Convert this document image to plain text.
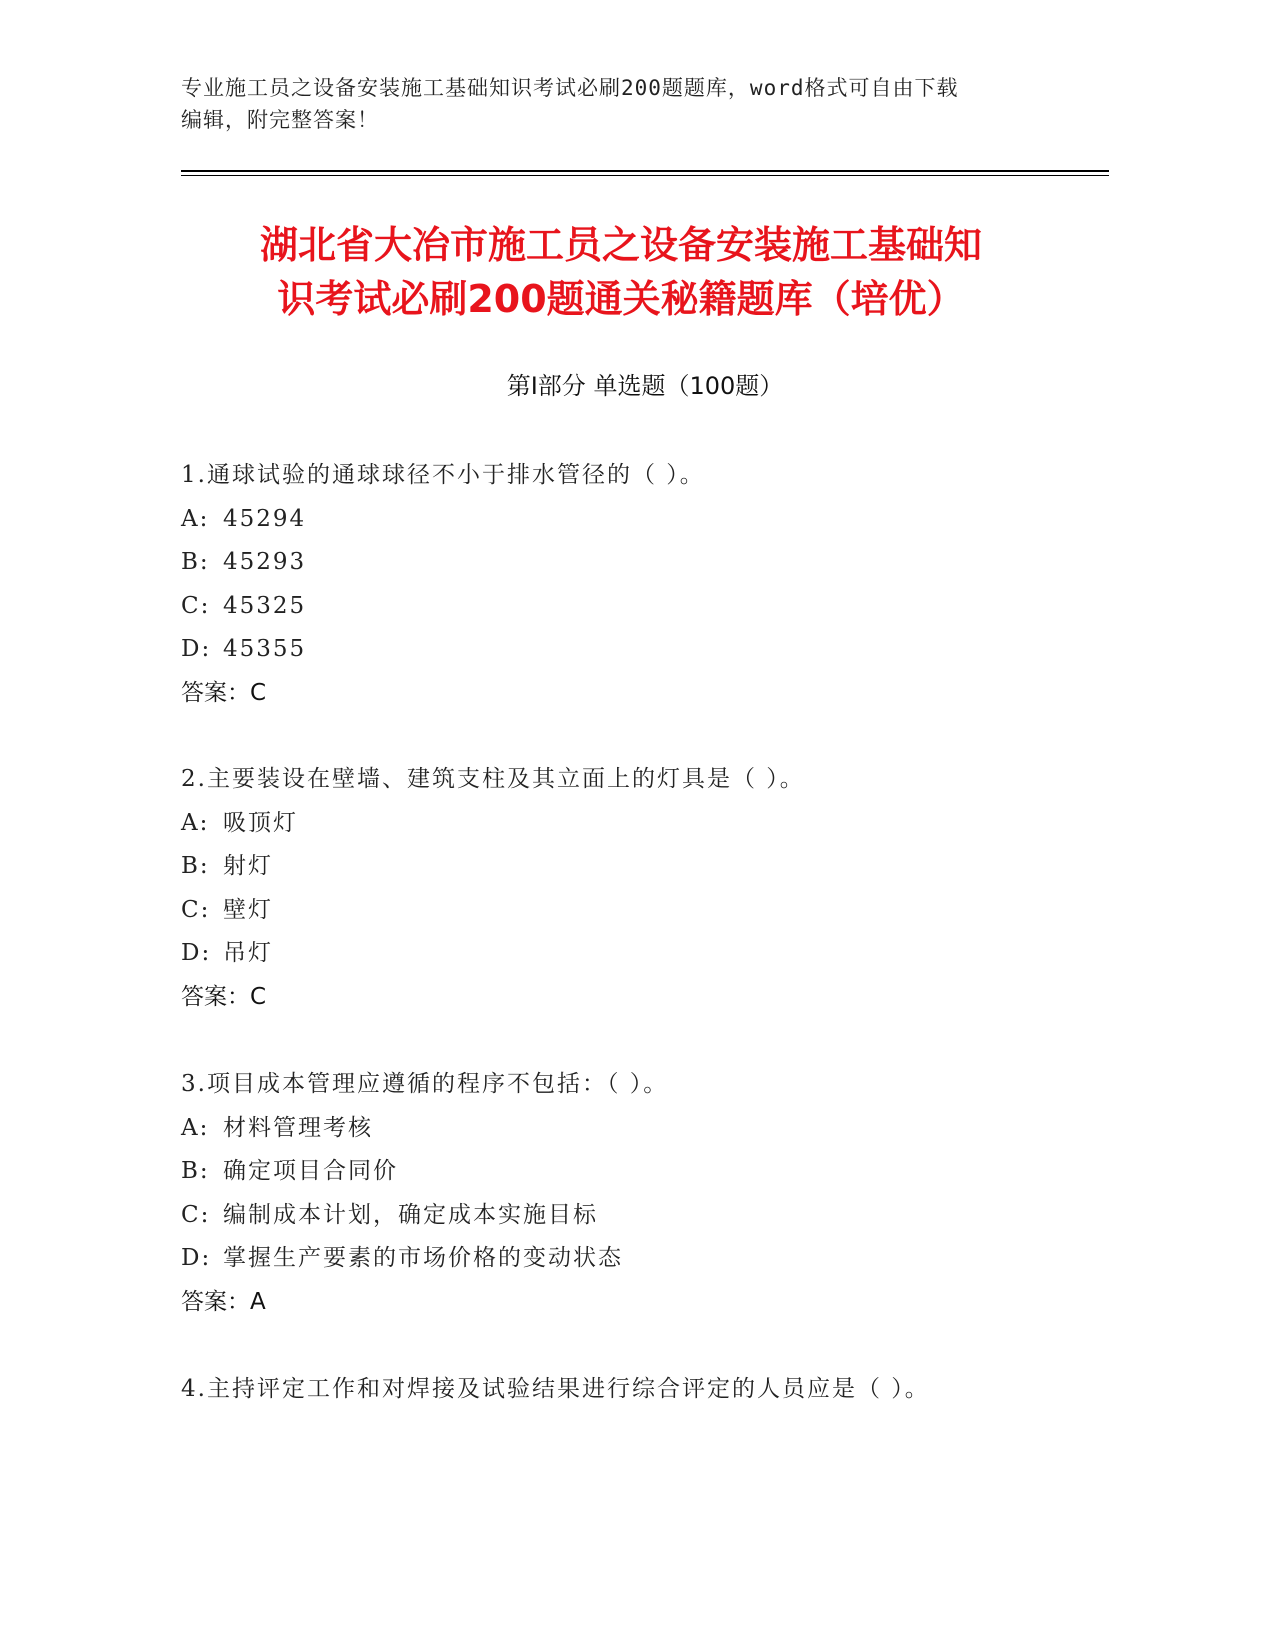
专业施工员之设备安装施工基础知识考试必刷200题题库，word格式可自由下载
编辑，附完整答案！
湖北省大冶市施工员之设备安装施工基础知
识考试必刷200题通关秘籍题库（培优）
第Ⅰ部分 单选题（100题）
1.通球试验的通球球径不小于排水管径的（ ）。
A: 45294
B: 45293
C: 45325
D: 45355
答案：C
2.主要装设在壁墙、建筑支柱及其立面上的灯具是（ ）。
A: 吸顶灯
B: 射灯
C: 壁灯
D: 吊灯
答案：C
3.项目成本管理应遵循的程序不包括：（ ）。
A: 材料管理考核
B: 确定项目合同价
C: 编制成本计划，确定成本实施目标
D: 掌握生产要素的市场价格的变动状态
答案：A
4.主持评定工作和对焊接及试验结果进行综合评定的人员应是（ ）。
